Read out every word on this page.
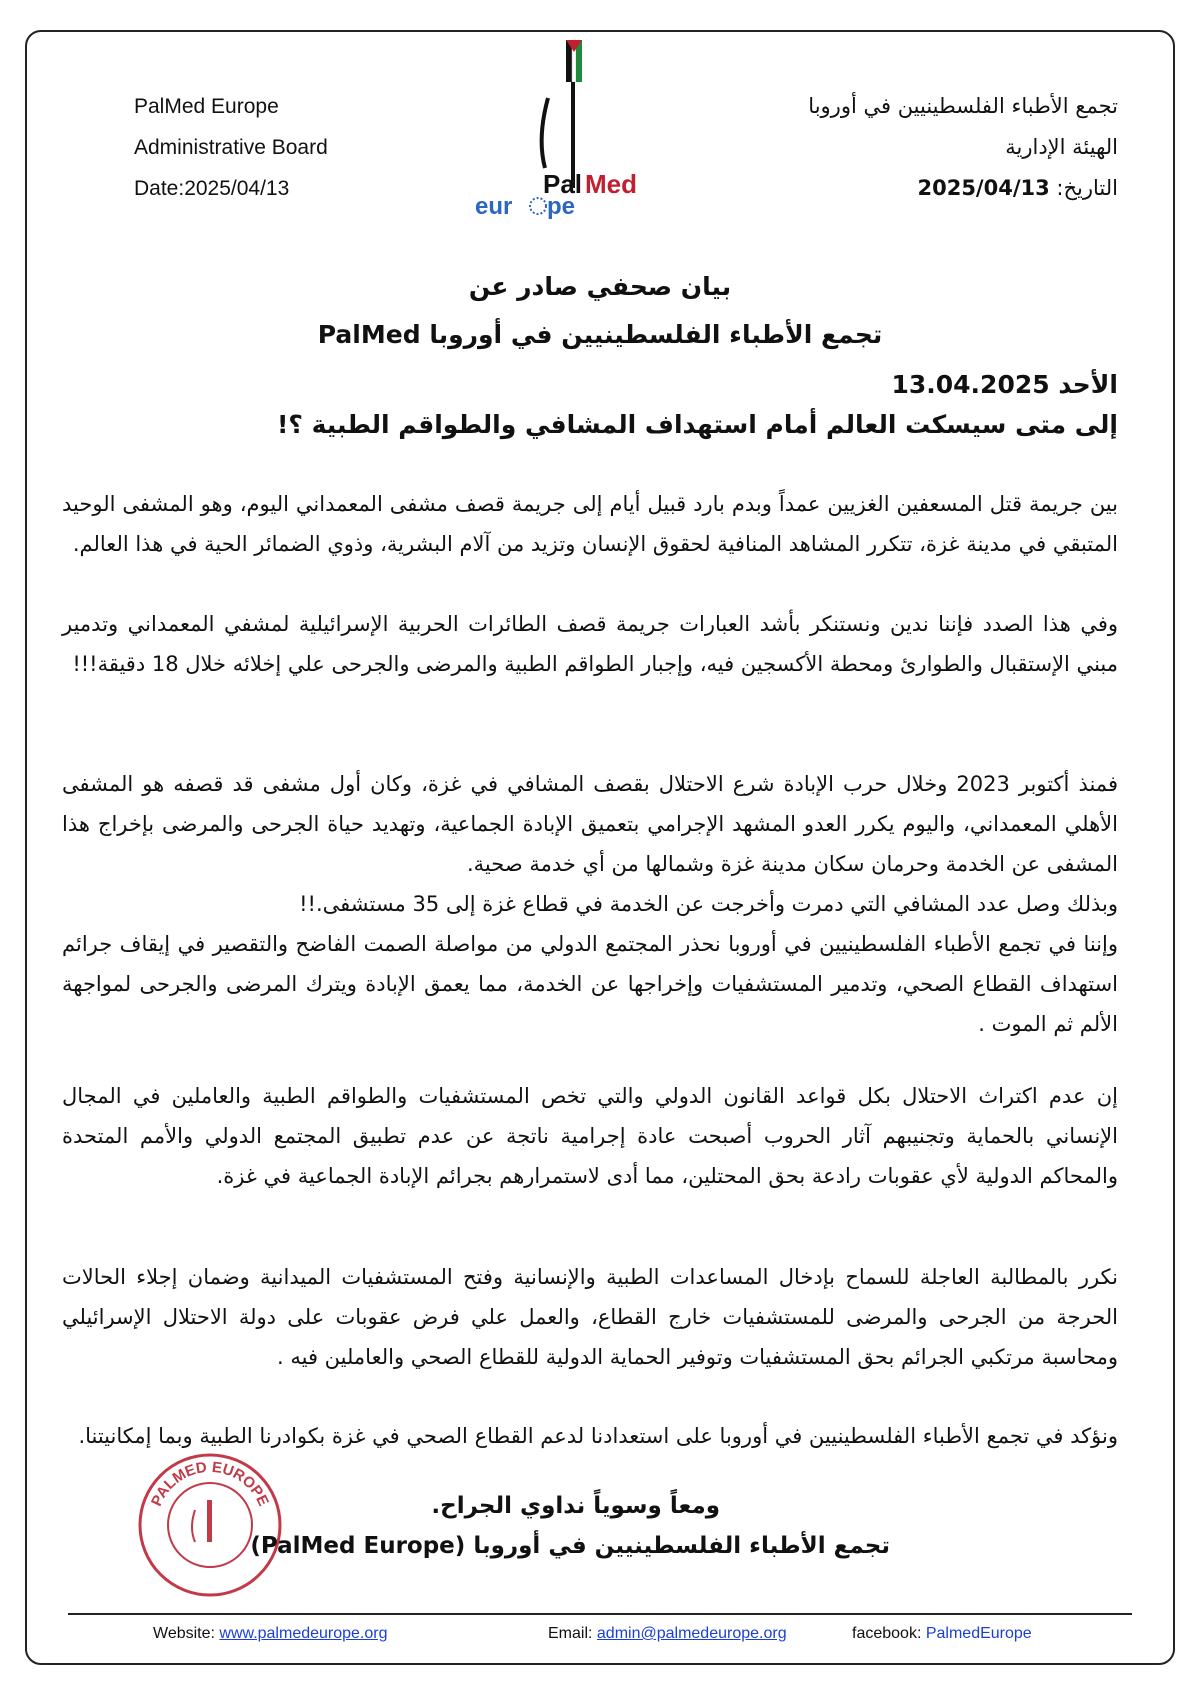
PalMed Europe
Administrative Board
Date:2025/04/13
تجمع الأطباء الفلسطينيين في أوروبا
الهيئة الإدارية
التاريخ: 2025/04/13
Pal Med
eur pe
بيان صحفي صادر عن
تجمع الأطباء الفلسطينيين في أوروبا PalMed
الأحد 13.04.2025
إلى متى سيسكت العالم أمام استهداف المشافي والطواقم الطبية ؟!

بين جريمة قتل المسعفين الغزيين عمداً وبدم بارد قبيل أيام إلى جريمة قصف مشفى المعمداني اليوم، وهو المشفى الوحيد المتبقي في مدينة غزة، تتكرر المشاهد المنافية لحقوق الإنسان وتزيد من آلام البشرية، وذوي الضمائر الحية في هذا العالم.

وفي هذا الصدد فإننا ندين ونستنكر بأشد العبارات جريمة قصف الطائرات الحربية الإسرائيلية لمشفي المعمداني وتدمير مبني الإستقبال والطوارئ ومحطة الأكسجين فيه، وإجبار الطواقم الطبية والمرضى والجرحى علي إخلائه خلال 18 دقيقة!!!

فمنذ أكتوبر 2023 وخلال حرب الإبادة شرع الاحتلال بقصف المشافي في غزة، وكان أول مشفى قد قصفه هو المشفى الأهلي المعمداني، واليوم يكرر العدو المشهد الإجرامي بتعميق الإبادة الجماعية، وتهديد حياة الجرحى والمرضى بإخراج هذا المشفى عن الخدمة وحرمان سكان مدينة غزة وشمالها من أي خدمة صحية.

وبذلك وصل عدد المشافي التي دمرت وأخرجت عن الخدمة في قطاع غزة إلى 35 مستشفى.!!

وإننا في تجمع الأطباء الفلسطينيين في أوروبا نحذر المجتمع الدولي من مواصلة الصمت الفاضح والتقصير في إيقاف جرائم استهداف القطاع الصحي، وتدمير المستشفيات وإخراجها عن الخدمة، مما يعمق الإبادة ويترك المرضى والجرحى لمواجهة الألم ثم الموت .

إن عدم اكتراث الاحتلال بكل قواعد القانون الدولي والتي تخص المستشفيات والطواقم الطبية والعاملين في المجال الإنساني بالحماية وتجنيبهم آثار الحروب أصبحت عادة إجرامية ناتجة عن عدم تطبيق المجتمع الدولي والأمم المتحدة والمحاكم الدولية لأي عقوبات رادعة بحق المحتلين، مما أدى لاستمرارهم بجرائم الإبادة الجماعية في غزة.

نكرر بالمطالبة العاجلة للسماح بإدخال المساعدات الطبية والإنسانية وفتح المستشفيات الميدانية وضمان إجلاء الحالات الحرجة من الجرحى والمرضى للمستشفيات خارج القطاع، والعمل علي فرض عقوبات على دولة الاحتلال الإسرائيلي ومحاسبة مرتكبي الجرائم بحق المستشفيات وتوفير الحماية الدولية للقطاع الصحي والعاملين فيه .

ونؤكد في تجمع الأطباء الفلسطينيين في أوروبا على استعدادنا لدعم القطاع الصحي في غزة بكوادرنا الطبية وبما إمكانيتنا.

PALMED EUROPE	ومعاً وسوياً نداوي الجراح.
تجمع الأطباء الفلسطينيين في أوروبا (PalMed Europe)
Website: www.palmedeurope.org	Email: admin@palmedeurope.org	facebook: PalmedEurope
